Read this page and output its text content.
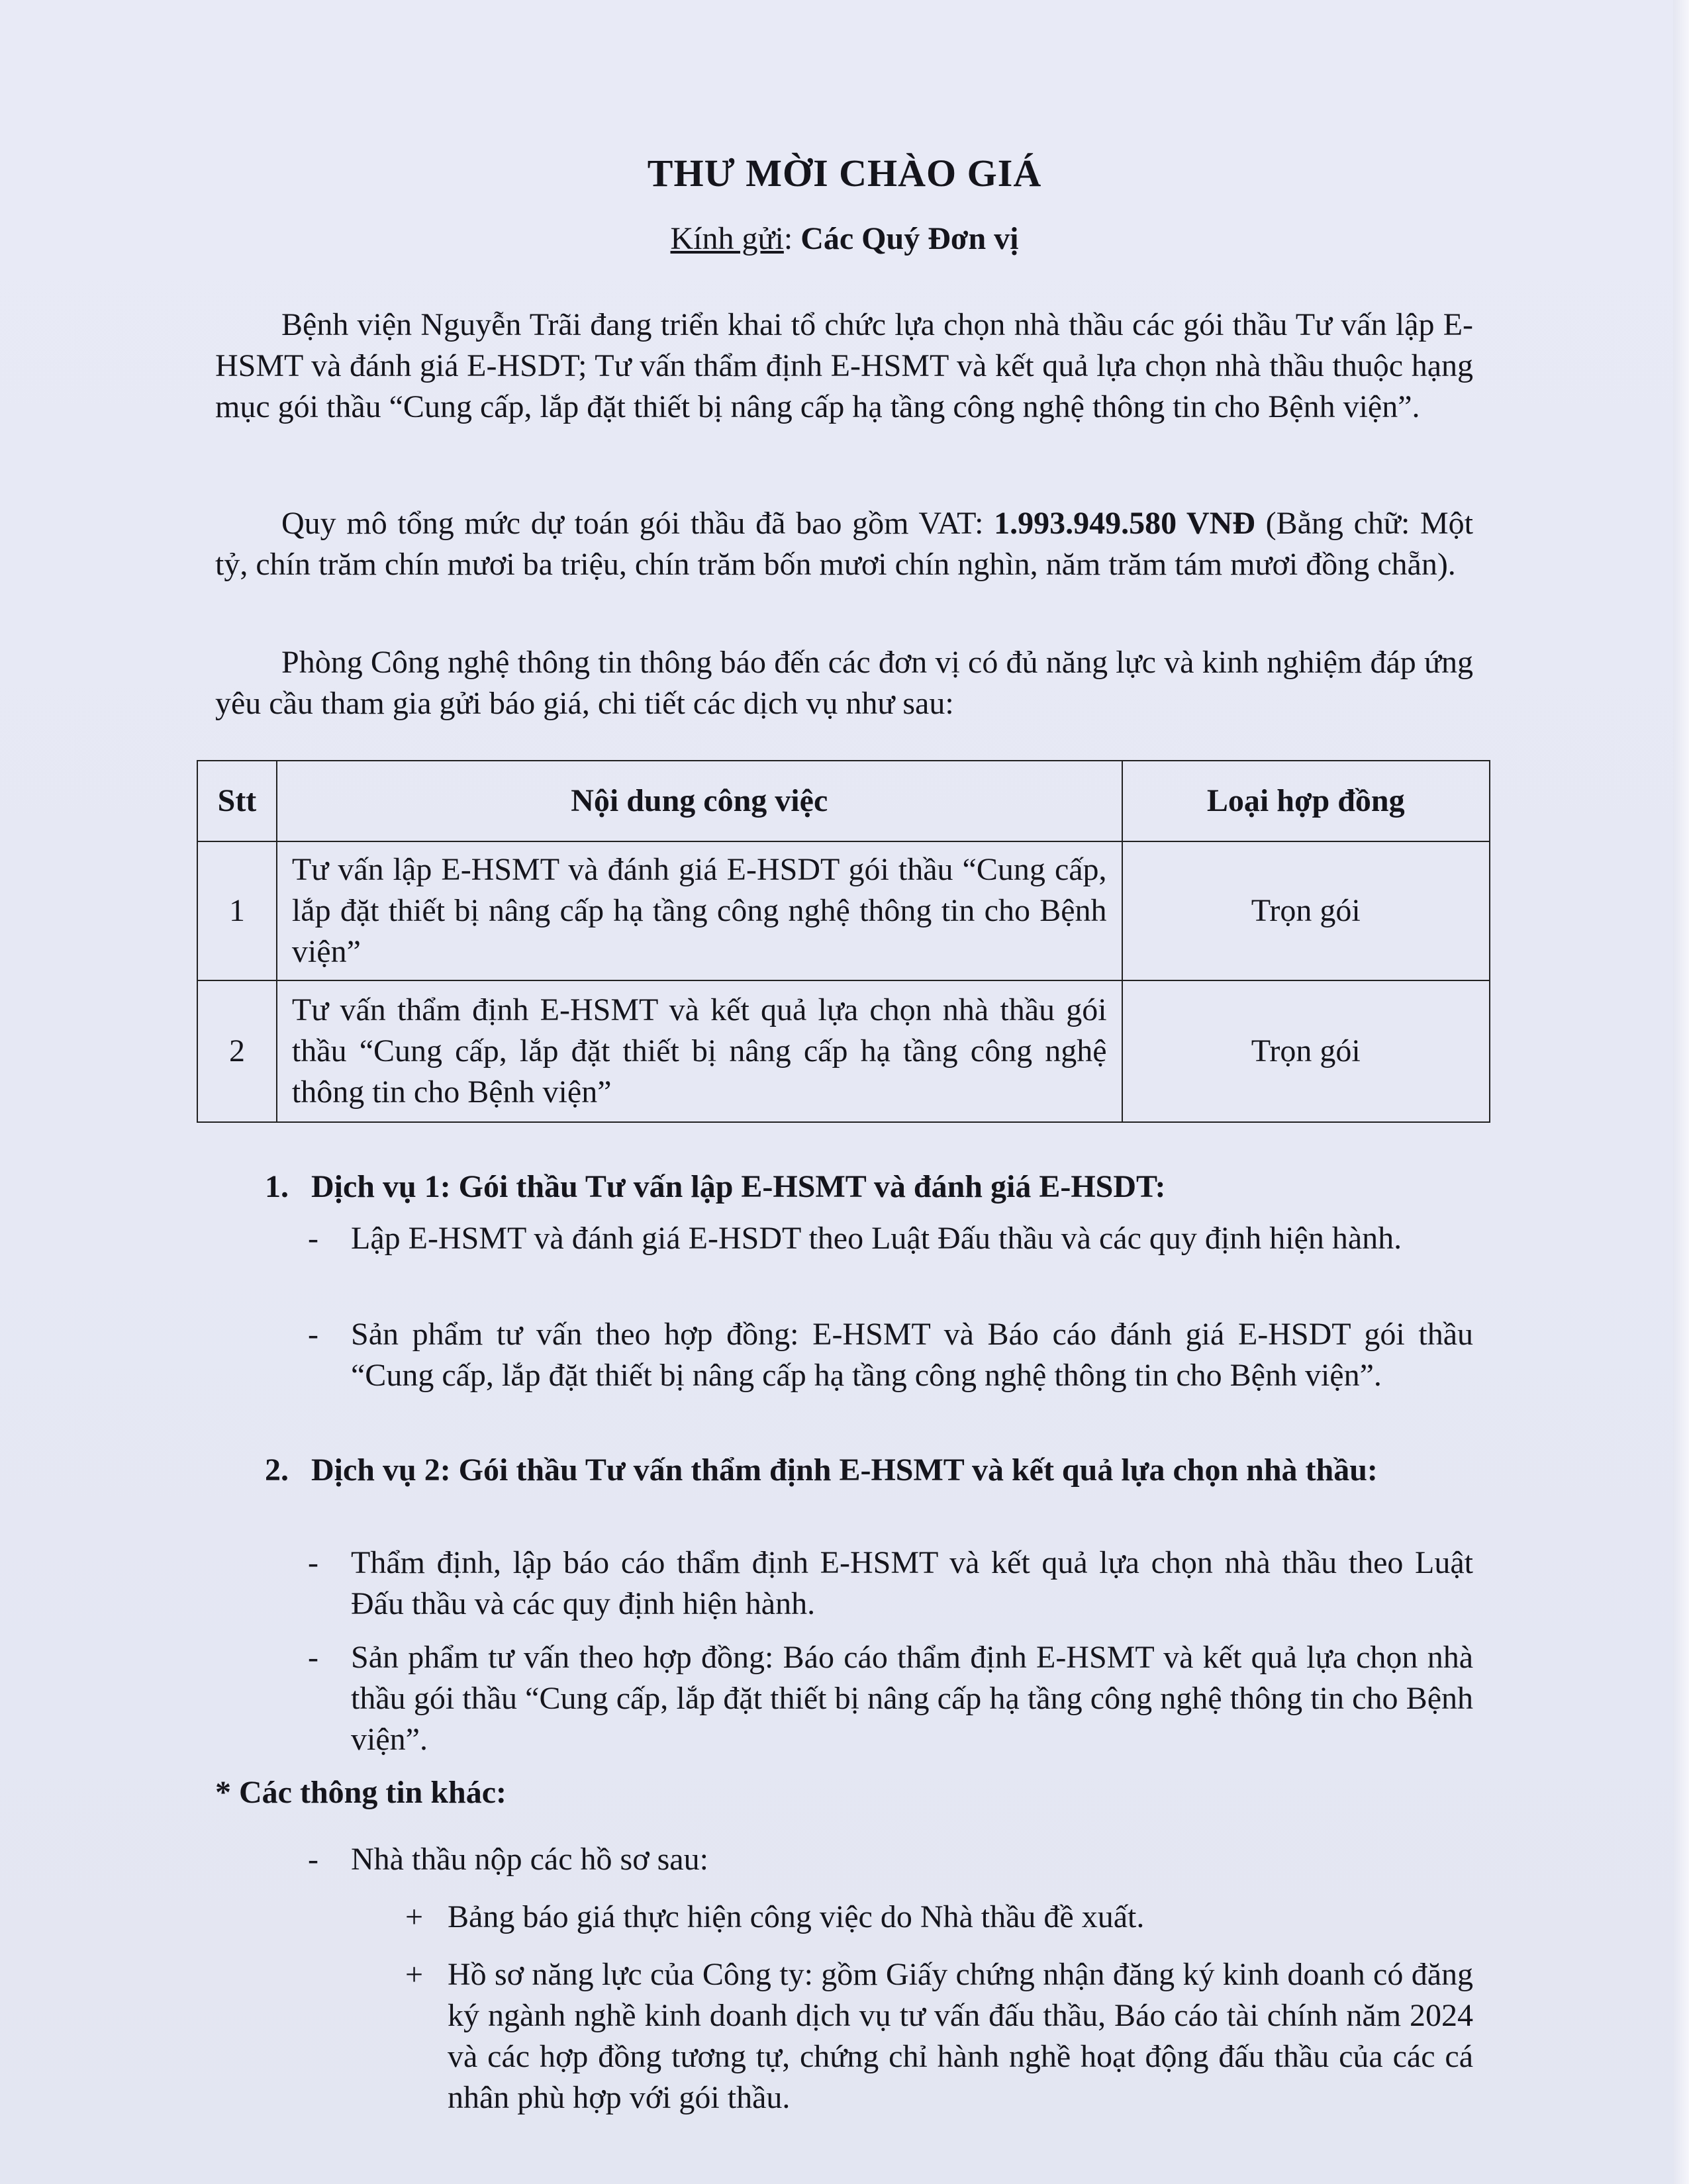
THƯ MỜI CHÀO GIÁ
Kính gửi: Các Quý Đơn vị
Bệnh viện Nguyễn Trãi đang triển khai tổ chức lựa chọn nhà thầu các gói thầu Tư vấn lập E-HSMT và đánh giá E-HSDT; Tư vấn thẩm định E-HSMT và kết quả lựa chọn nhà thầu thuộc hạng mục gói thầu “Cung cấp, lắp đặt thiết bị nâng cấp hạ tầng công nghệ thông tin cho Bệnh viện”.
Quy mô tổng mức dự toán gói thầu đã bao gồm VAT: 1.993.949.580 VNĐ (Bằng chữ: Một tỷ, chín trăm chín mươi ba triệu, chín trăm bốn mươi chín nghìn, năm trăm tám mươi đồng chẵn).
Phòng Công nghệ thông tin thông báo đến các đơn vị có đủ năng lực và kinh nghiệm đáp ứng yêu cầu tham gia gửi báo giá, chi tiết các dịch vụ như sau:
Stt	Nội dung công việc	Loại hợp đồng
1	Tư vấn lập E-HSMT và đánh giá E-HSDT gói thầu “Cung cấp, lắp đặt thiết bị nâng cấp hạ tầng công nghệ thông tin cho Bệnh viện”	Trọn gói
2	Tư vấn thẩm định E-HSMT và kết quả lựa chọn nhà thầu gói thầu “Cung cấp, lắp đặt thiết bị nâng cấp hạ tầng công nghệ thông tin cho Bệnh viện”	Trọn gói
1. Dịch vụ 1: Gói thầu Tư vấn lập E-HSMT và đánh giá E-HSDT:
- Lập E-HSMT và đánh giá E-HSDT theo Luật Đấu thầu và các quy định hiện hành.
- Sản phẩm tư vấn theo hợp đồng: E-HSMT và Báo cáo đánh giá E-HSDT gói thầu “Cung cấp, lắp đặt thiết bị nâng cấp hạ tầng công nghệ thông tin cho Bệnh viện”.
2. Dịch vụ 2: Gói thầu Tư vấn thẩm định E-HSMT và kết quả lựa chọn nhà thầu:
- Thẩm định, lập báo cáo thẩm định E-HSMT và kết quả lựa chọn nhà thầu theo Luật Đấu thầu và các quy định hiện hành.
- Sản phẩm tư vấn theo hợp đồng: Báo cáo thẩm định E-HSMT và kết quả lựa chọn nhà thầu gói thầu “Cung cấp, lắp đặt thiết bị nâng cấp hạ tầng công nghệ thông tin cho Bệnh viện”.
* Các thông tin khác:
- Nhà thầu nộp các hồ sơ sau:
+ Bảng báo giá thực hiện công việc do Nhà thầu đề xuất.
+ Hồ sơ năng lực của Công ty: gồm Giấy chứng nhận đăng ký kinh doanh có đăng ký ngành nghề kinh doanh dịch vụ tư vấn đấu thầu, Báo cáo tài chính năm 2024 và các hợp đồng tương tự, chứng chỉ hành nghề hoạt động đấu thầu của các cá nhân phù hợp với gói thầu.
